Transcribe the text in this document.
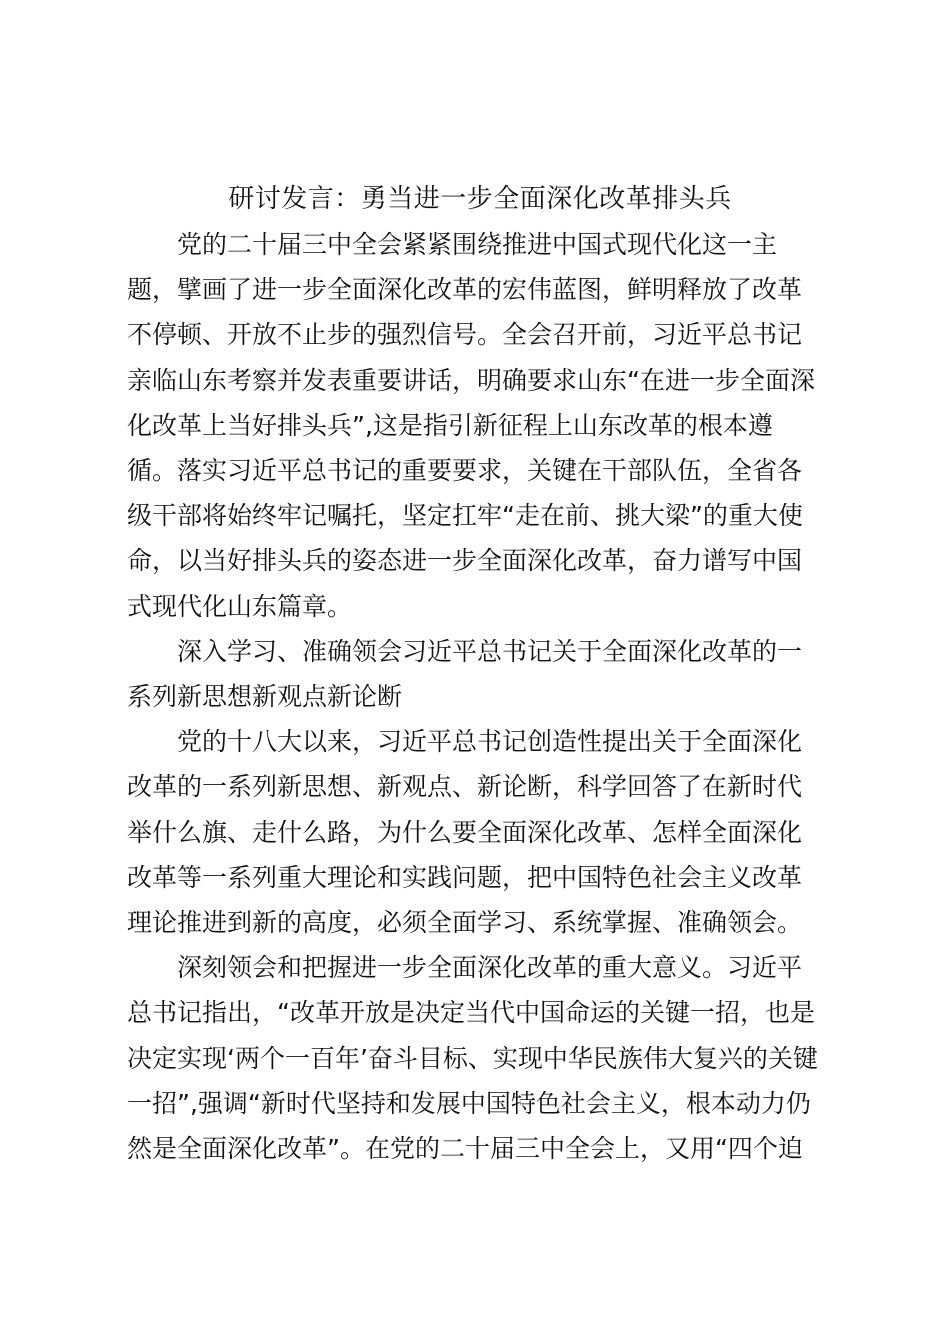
研讨发言：勇当进一步全面深化改革排头兵

党的二十届三中全会紧紧围绕推进中国式现代化这一主
题，擘画了进一步全面深化改革的宏伟蓝图，鲜明释放了改革
不停顿、开放不止步的强烈信号。全会召开前，习近平总书记
亲临山东考察并发表重要讲话，明确要求山东“在进一步全面深
化改革上当好排头兵”,这是指引新征程上山东改革的根本遵
循。落实习近平总书记的重要要求，关键在干部队伍，全省各
级干部将始终牢记嘱托，坚定扛牢“走在前、挑大梁”的重大使
命，以当好排头兵的姿态进一步全面深化改革，奋力谱写中国
式现代化山东篇章。

深入学习、准确领会习近平总书记关于全面深化改革的一
系列新思想新观点新论断

党的十八大以来，习近平总书记创造性提出关于全面深化
改革的一系列新思想、新观点、新论断，科学回答了在新时代
举什么旗、走什么路，为什么要全面深化改革、怎样全面深化
改革等一系列重大理论和实践问题，把中国特色社会主义改革
理论推进到新的高度，必须全面学习、系统掌握、准确领会。

深刻领会和把握进一步全面深化改革的重大意义。习近平
总书记指出，“改革开放是决定当代中国命运的关键一招，也是
决定实现‘两个一百年’奋斗目标、实现中华民族伟大复兴的关键
一招”,强调“新时代坚持和发展中国特色社会主义，根本动力仍
然是全面深化改革”。在党的二十届三中全会上，又用“四个迫
